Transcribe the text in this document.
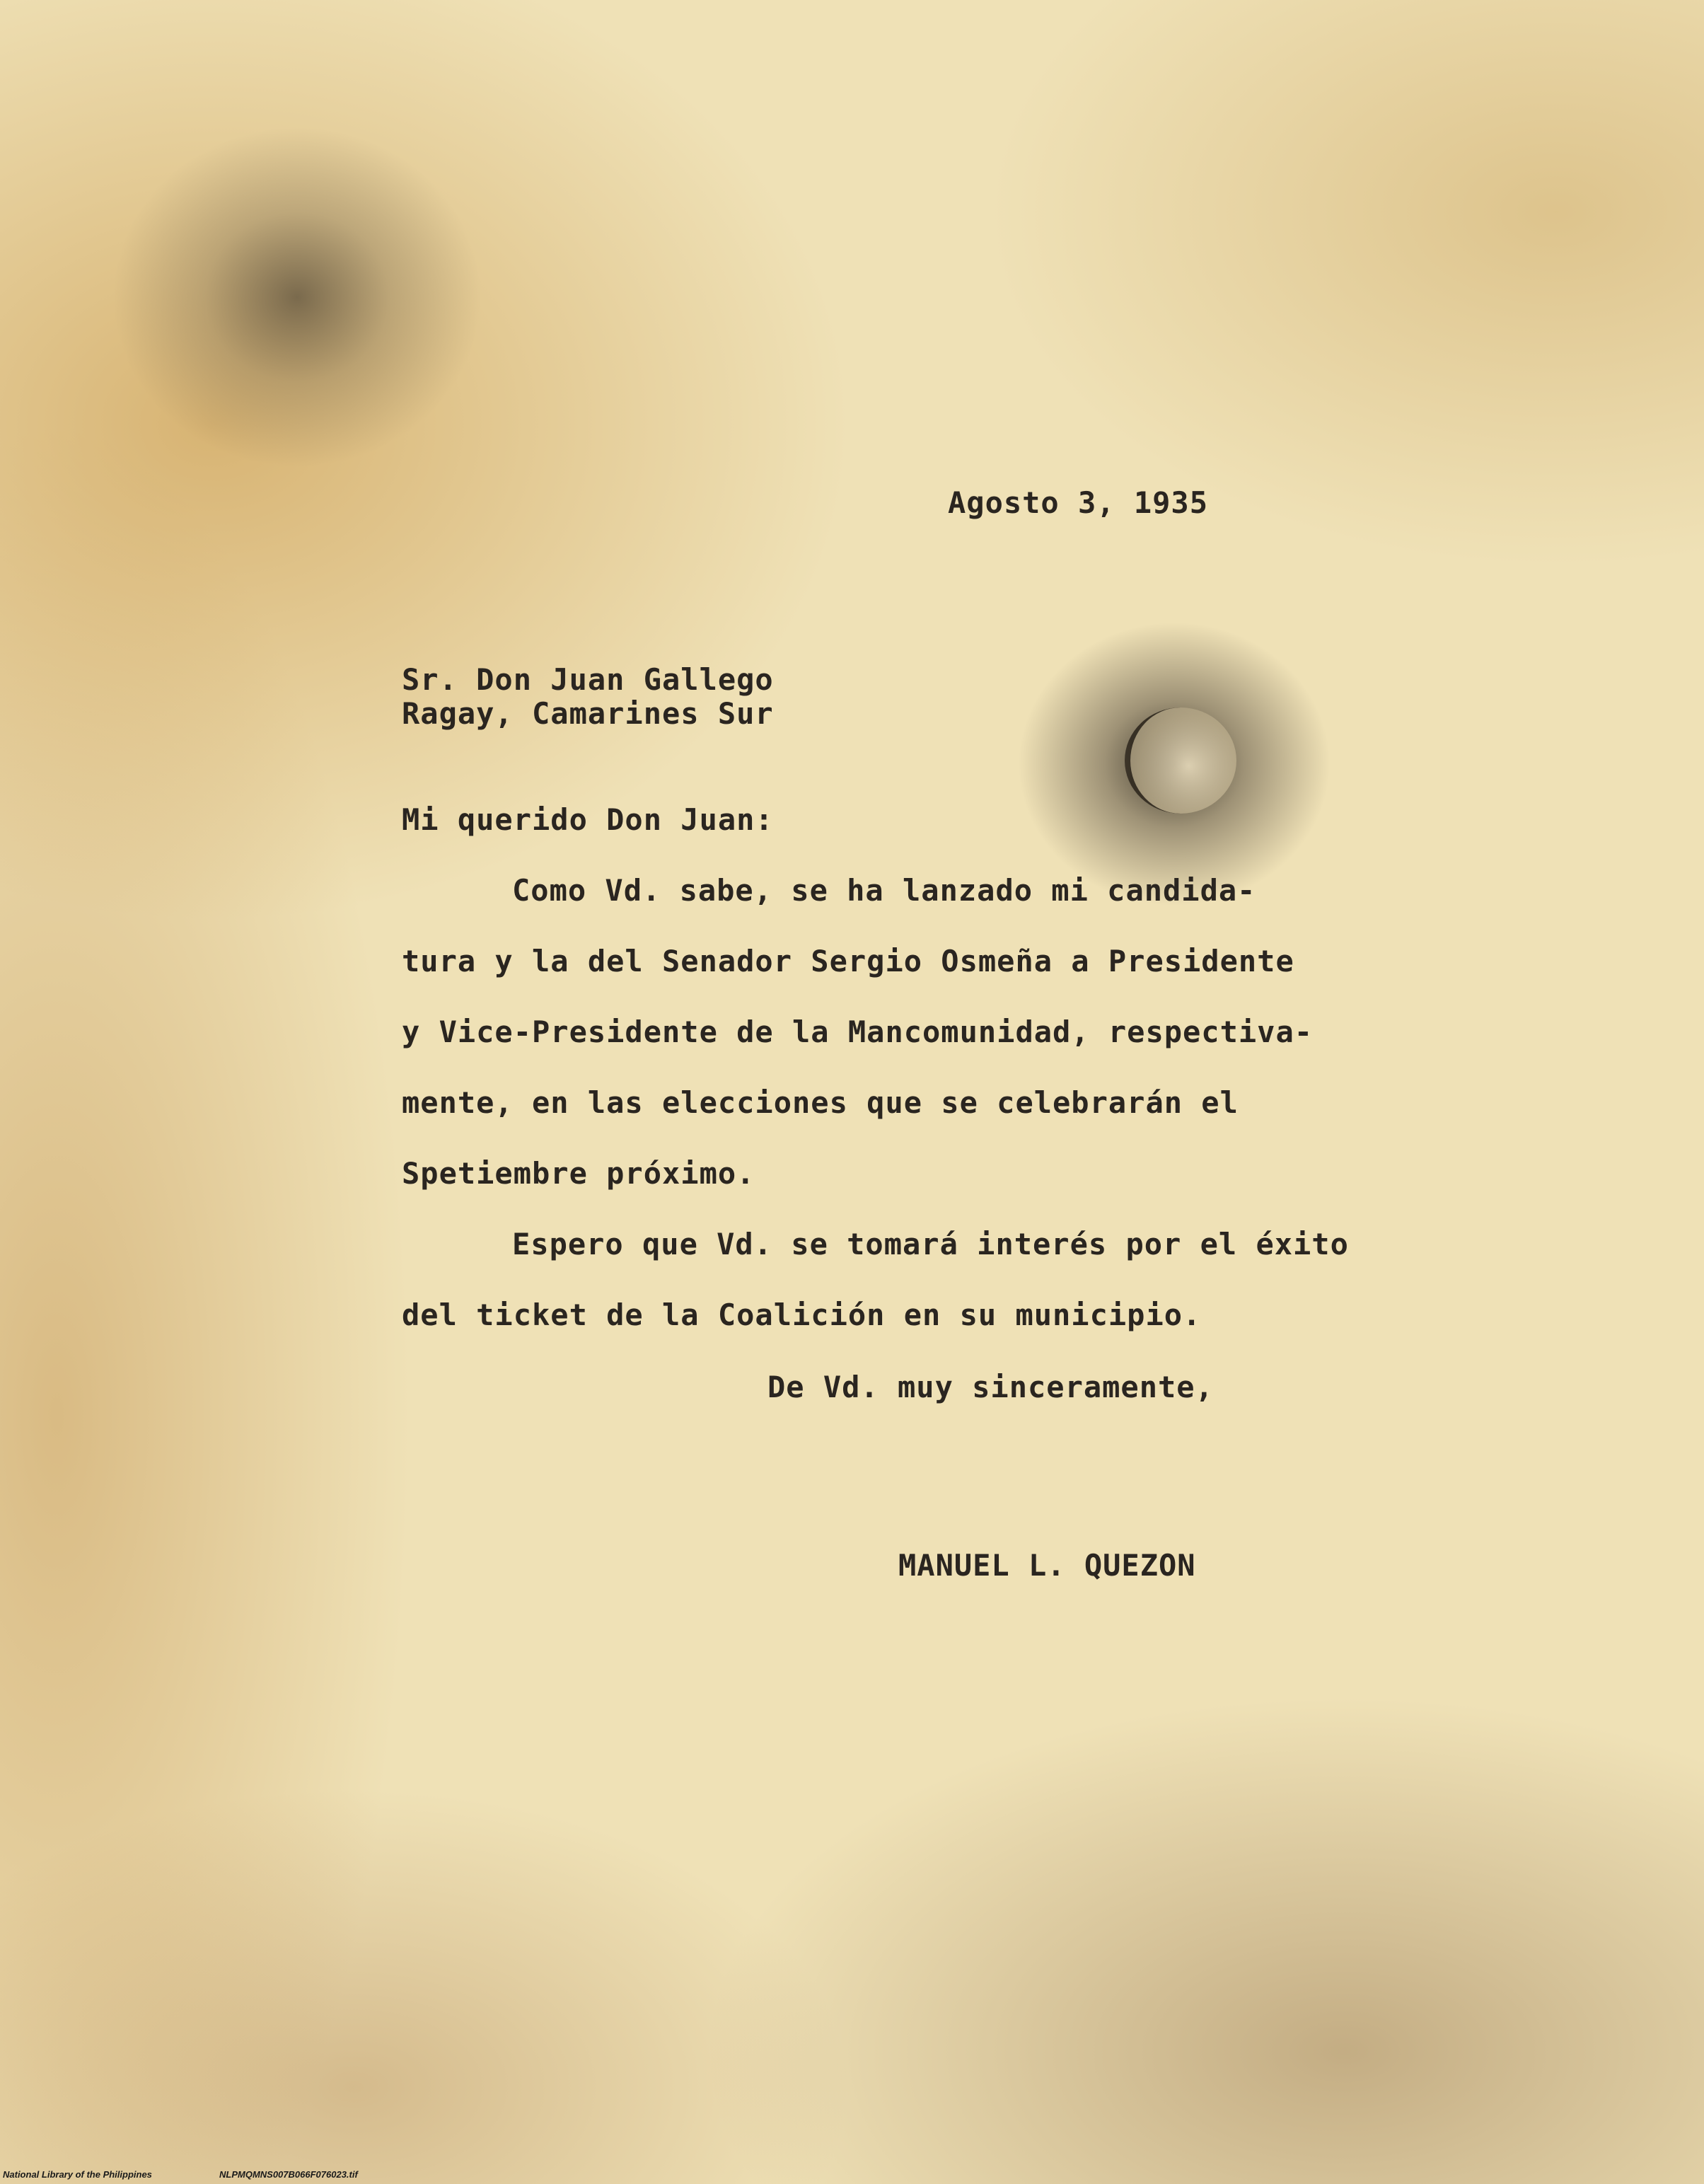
Agosto 3, 1935
Sr. Don Juan Gallego
Ragay, Camarines Sur
Mi querido Don Juan:
Como Vd. sabe, se ha lanzado mi candida-
tura y la del Senador Sergio Osmeña a Presidente
y Vice-Presidente de la Mancomunidad, respectiva-
mente, en las elecciones que se celebrarán el
Spetiembre próximo.
Espero que Vd. se tomará interés por el éxito
del ticket de la Coalición en su municipio.
De Vd. muy sinceramente,
MANUEL L. QUEZON
National Library of the Philippines	NLPMQMNS007B066F076023.tif
